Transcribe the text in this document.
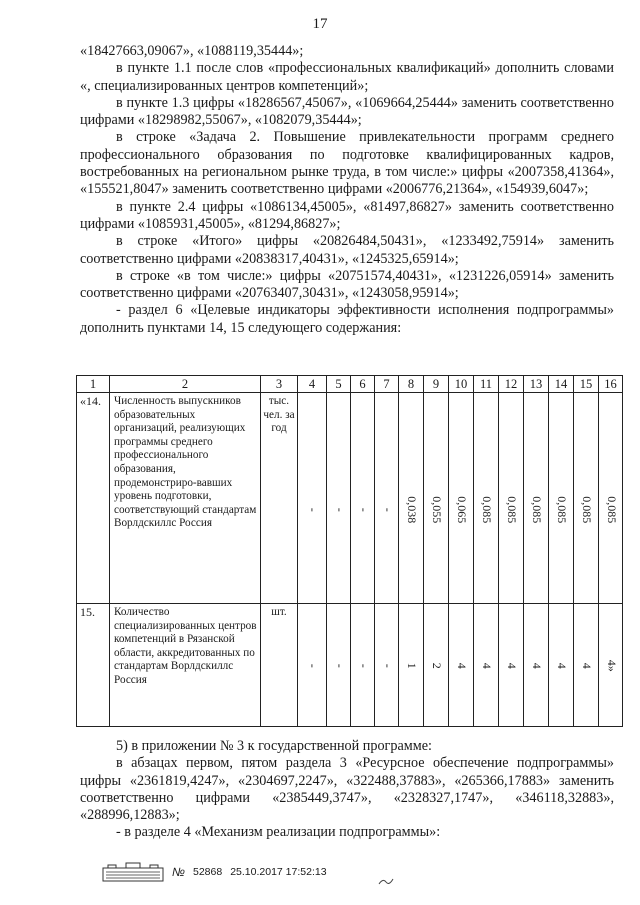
17

«18427663,09067», «1088119,35444»;

в пункте 1.1 после слов «профессиональных квалификаций» дополнить словами «, специализированных центров компетенций»;

в пункте 1.3 цифры «18286567,45067», «1069664,25444» заменить соответственно цифрами «18298982,55067», «1082079,35444»;

в строке «Задача 2. Повышение привлекательности программ среднего профессионального образования по подготовке квалифицированных кадров, востребованных на региональном рынке труда, в том числе:» цифры «2007358,41364», «155521,8047» заменить соответственно цифрами «2006776,21364», «154939,6047»;

в пункте 2.4 цифры «1086134,45005», «81497,86827» заменить соответственно цифрами «1085931,45005», «81294,86827»;

в строке «Итого» цифры «20826484,50431», «1233492,75914» заменить соответственно цифрами «20838317,40431», «1245325,65914»;

в строке «в том числе:» цифры «20751574,40431», «1231226,05914» заменить соответственно цифрами «20763407,30431», «1243058,95914»;

- раздел 6 «Целевые индикаторы эффективности исполнения подпрограммы» дополнить пунктами 14, 15 следующего содержания:

1	2	3	4	5	6	7	8	9	10	11	12	13	14	15	16
«14.	Численность выпускников образовательных организаций, реализующих программы среднего профессионального образования, продемонстриро-вавших уровень подготовки, соответствующий стандартам Ворлдскиллс Россия	тыс. чел. за год	-	-	-	-	0,038	0,055	0,065	0,085	0,085	0,085	0,085	0,085	0,085

15.	Количество специализированных центров компетенций в Рязанской области, аккредитованных по стандартам Ворлдскиллс Россия	шт.	-	-	-	-	1	2	4	4	4	4	4	4	4»

5) в приложении № 3 к государственной программе:

в абзацах первом, пятом раздела 3 «Ресурсное обеспечение подпрограммы» цифры «2361819,4247», «2304697,2247», «322488,37883», «265366,17883» заменить соответственно цифрами «2385449,3747», «2328327,1747», «346118,32883», «288996,12883»;

- в разделе 4 «Механизм реализации подпрограммы»:

№ 52868 25.10.2017 17:52:13
